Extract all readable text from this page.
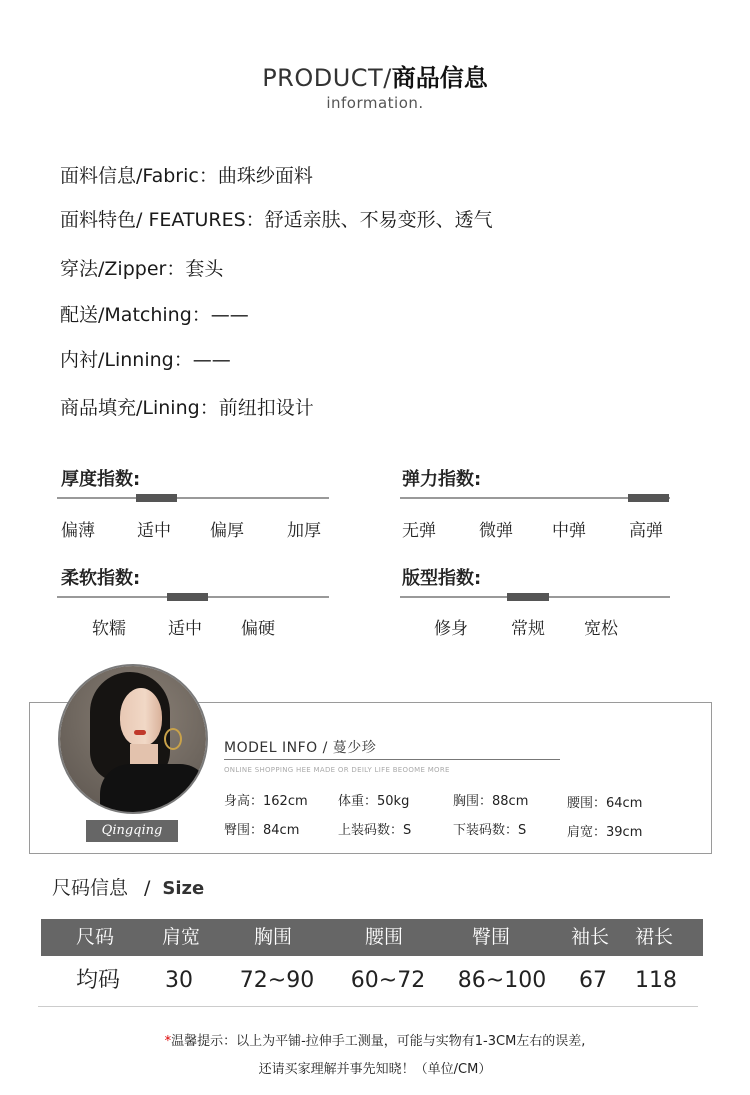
PRODUCT/商品信息
information.
面料信息/Fabric：曲珠纱面料
面料特色/ FEATURES：舒适亲肤、不易变形、透气
穿法/Zipper：套头
配送/Matching：——
内衬/Linning：——
商品填充/Lining：前纽扣设计
厚度指数:
偏薄 适中 偏厚	加厚
弹力指数:
无弹	微弹 中弹	高弹
柔软指数:
软糯 适中 偏硬
版型指数:
修身	常规 宽松
Qingqing
MODEL INFO / 蔓少珍
ONLINE SHOPPING HEE MADE OR DEILY LIFE BEOOME MORE
身高：162cm 体重：50kg	胸围：88cm	腰围：64cm
臀围：84cm	上装码数：S	下装码数：S	肩宽：39cm
尺码信息 / Size
尺码	肩宽	胸围	腰围	臀围	袖长	裙长
均码	30	72~90	60~72	86~100	67	118
*温馨提示：以上为平铺-拉伸手工测量，可能与实物有1-3CM左右的误差,
还请买家理解并事先知晓！（单位/CM）
